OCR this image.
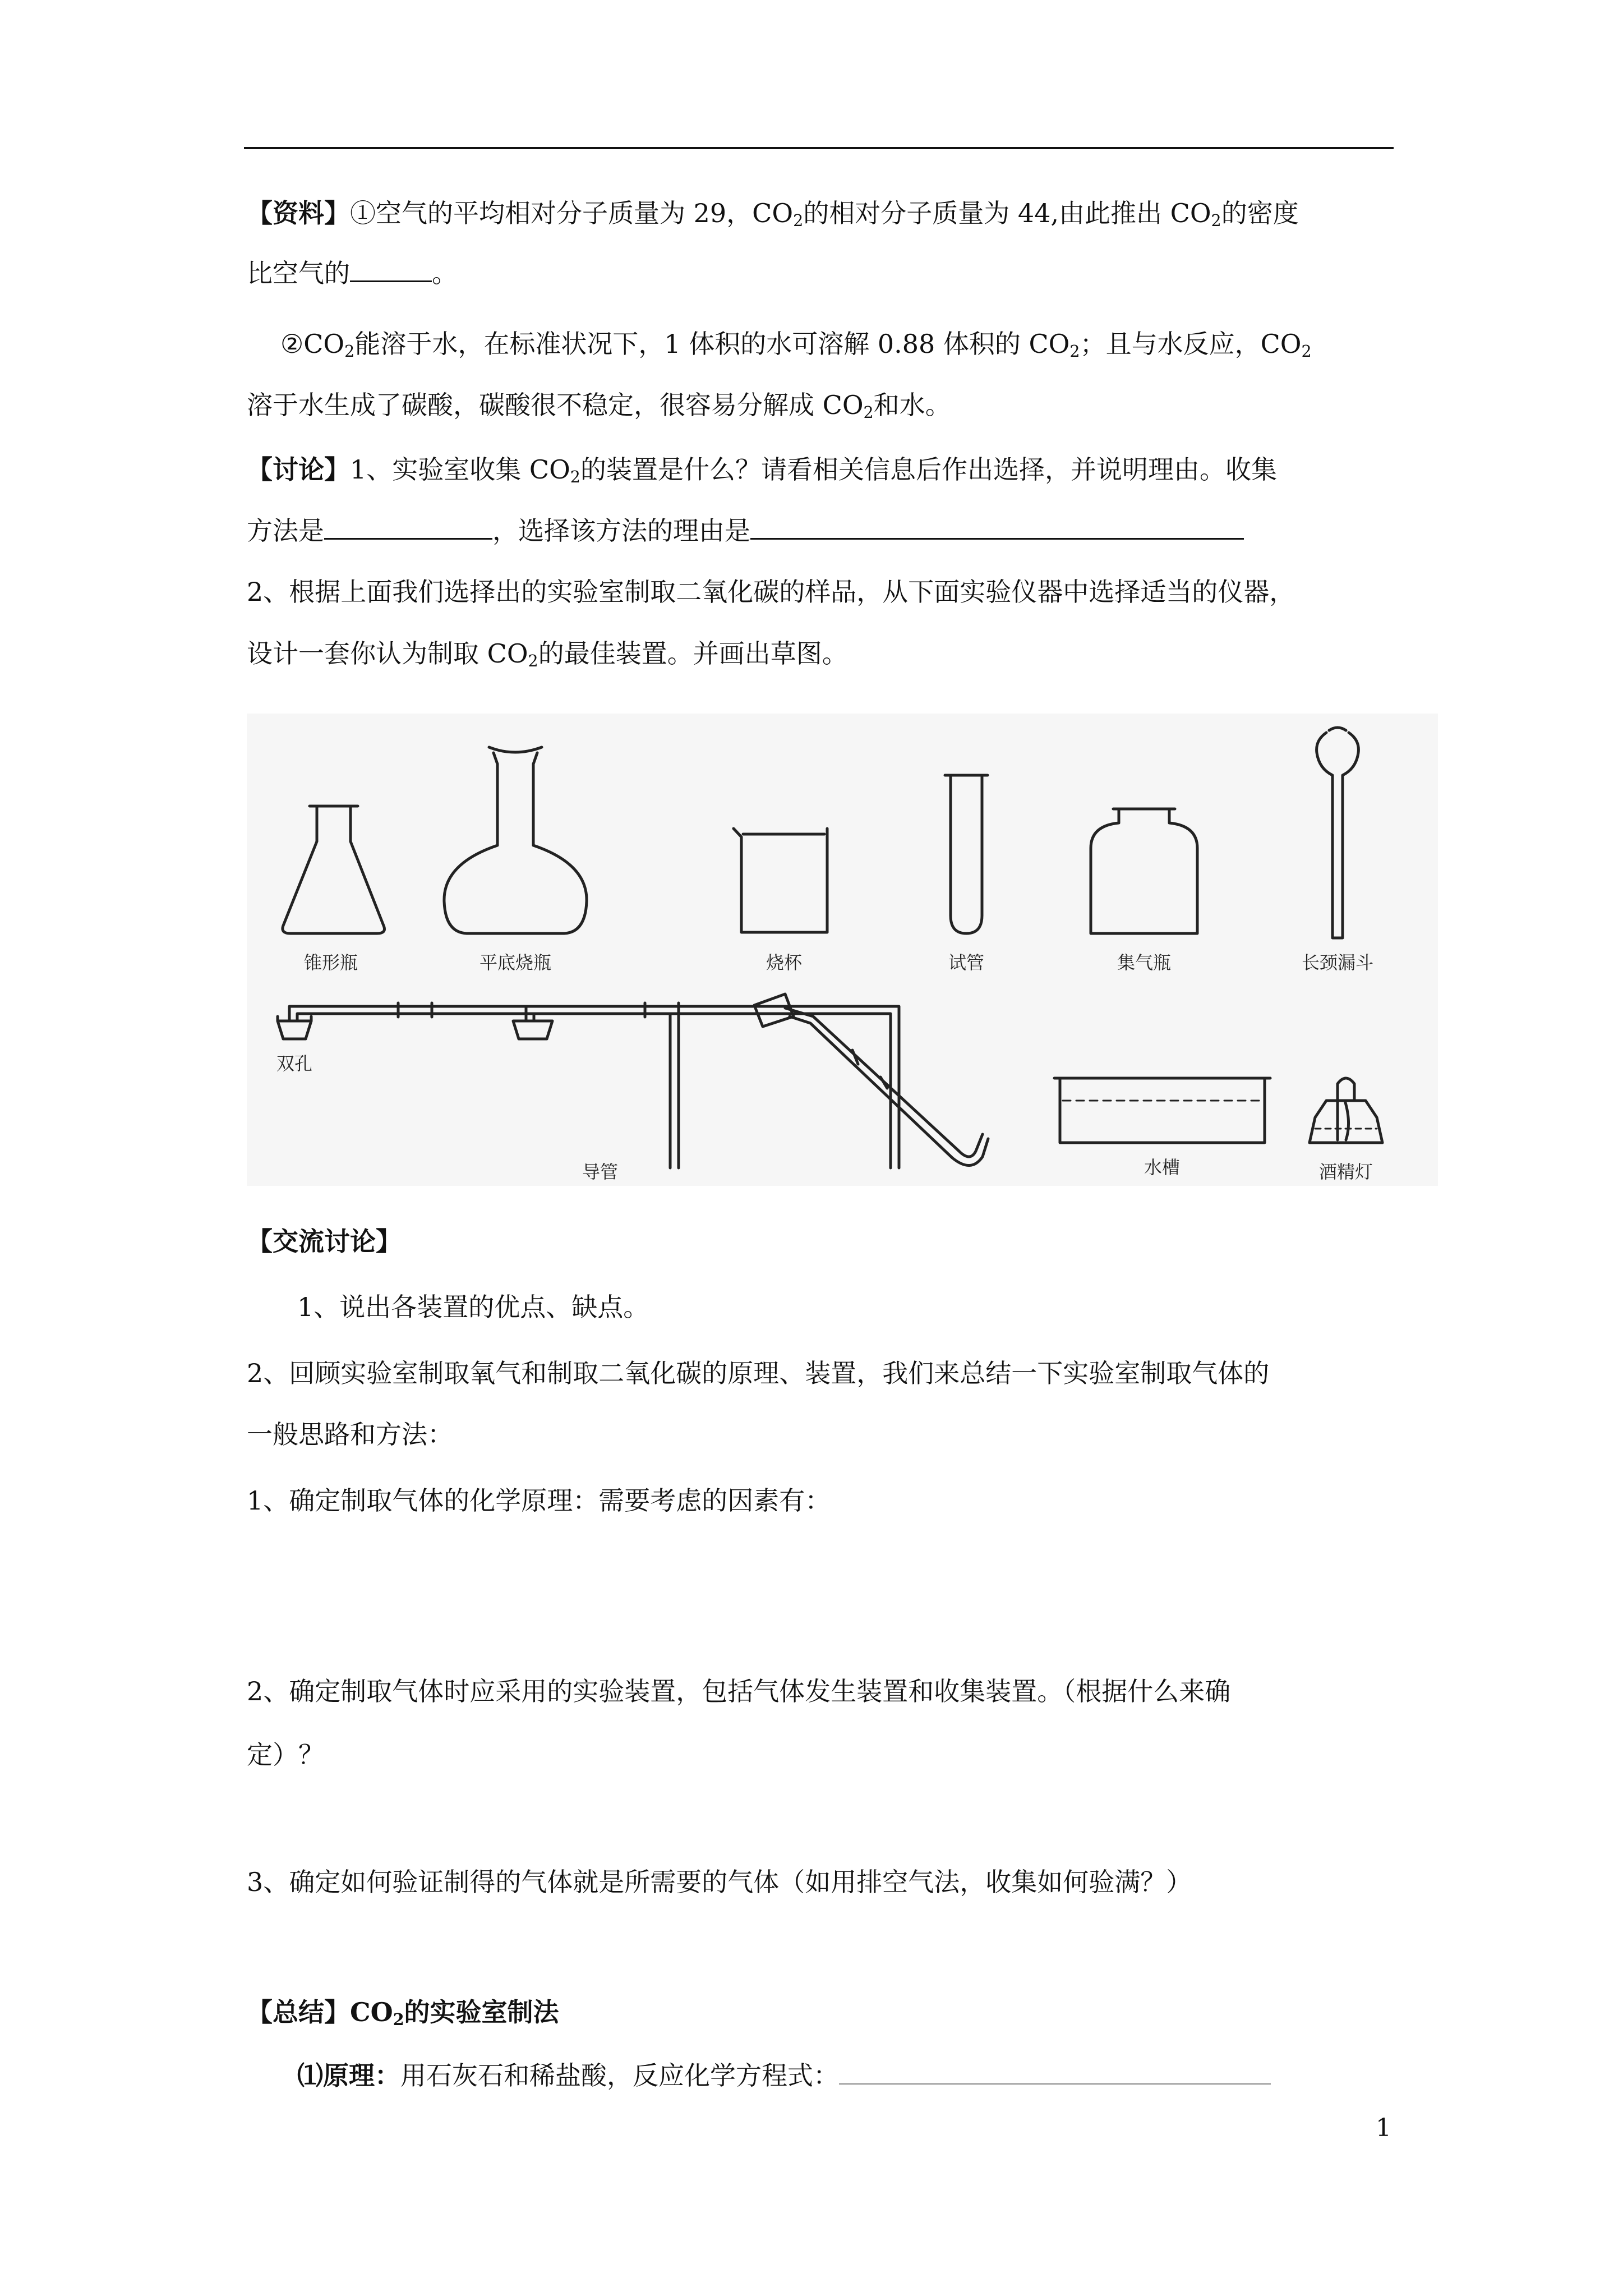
【资料】①空气的平均相对分子质量为 29，$CO_2$的相对分子质量为 44,由此推出 $CO_2$的密度
比空气的	。
$②CO_2$能溶于水，在标准状况下，1 体积的水可溶解 0.88 体积的 $CO_2$；且与水反应，$CO_2$
溶于水生成了碳酸，碳酸很不稳定，很容易分解成 $CO_2$和水。
【讨论】1、实验室收集 $CO_2$的装置是什么？请看相关信息后作出选择，并说明理由。收集
方法是	，选择该方法的理由是
2、根据上面我们选择出的实验室制取二氧化碳的样品，从下面实验仪器中选择适当的仪器，
设计一套你认为制取 $CO_2$的最佳装置。并画出草图。
锥形瓶	平底烧瓶	烧杯	试管	集气瓶	长颈漏斗
双孔
导管	水槽	酒精灯
【交流讨论】
1、说出各装置的优点、缺点。
2、回顾实验室制取氧气和制取二氧化碳的原理、装置，我们来总结一下实验室制取气体的
一般思路和方法：
1、确定制取气体的化学原理：需要考虑的因素有：
2、确定制取气体时应采用的实验装置，包括气体发生装置和收集装置。（根据什么来确
定）？
3、确定如何验证制得的气体就是所需要的气体（如用排空气法，收集如何验满？）
【总结】$CO_2$的实验室制法
⑴原理：用石灰石和稀盐酸，反应化学方程式：
1
